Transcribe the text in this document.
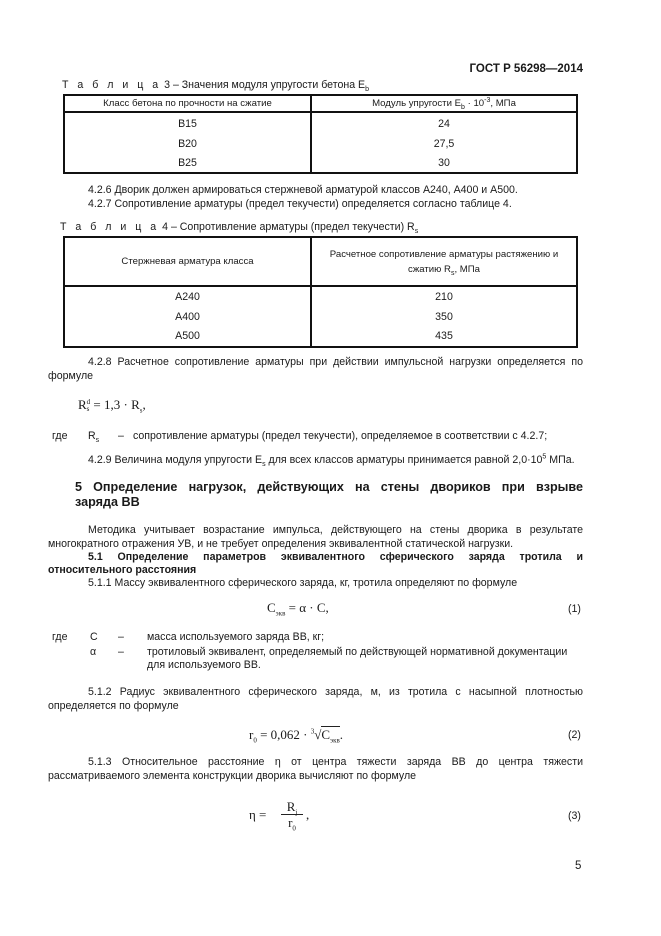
ГОСТ Р 56298—2014
Т а б л и ц а 3 – Значения модуля упругости бетона $E_b$
Класс бетона по прочности на сжатие	Модуль упругости $E_b \cdot 10^{-3}$, МПа
B15	24
B20	27,5
B25	30
4.2.6 Дворик должен армироваться стержневой арматурой классов А240, А400 и А500.
4.2.7 Сопротивление арматуры (предел текучести) определяется согласно таблице 4.
Т а б л и ц а 4 – Сопротивление арматуры (предел текучести) $R_s$
Стержневая арматура класса	Расчетное сопротивление арматуры растяжению и
сжатию $R_s$, МПа
А240	210
А400	350
А500	435
4.2.8 Расчетное сопротивление арматуры при действии импульсной нагрузки определяется по
формуле
R d
$s = 1,3 \cdot R_s$,
где $R_s$ – сопротивление арматуры (предел текучести), определяемое в соответствии с 4.2.7;
4.2.9 Величина модуля упругости $E_s$ для всех классов арматуры принимается равной $2,0\cdot 10^5$ МПа.
5 Определение нагрузок, действующих на стены двориков при взрыве
заряда ВВ
Методика учитывает возрастание импульса, действующего на стены дворика в результате
многократного отражения УВ, и не требует определения эквивалентной статической нагрузки.
5.1 Определение параметров эквивалентного сферического заряда тротила и
относительного расстояния
5.1.1 Массу эквивалентного сферического заряда, кг, тротила определяют по формуле
$C_{экв} = \alpha \cdot C$,	(1)
где C – масса используемого заряда ВВ, кг;
α – тротиловый эквивалент, определяемый по действующей нормативной документации
для используемого ВВ.
5.1.2 Радиус эквивалентного сферического заряда, м, из тротила с насыпной плотностью
определяется по формуле
$r_0 = 0,062 \cdot ^3√C_{экв}$.	(2)
5.1.3 Относительное расстояние η от центра тяжести заряда ВВ до центра тяжести
рассматриваемого элемента конструкции дворика вычисляют по формуле
$\eta = \frac{R_j}{r_0}$ ,	(3)
5
